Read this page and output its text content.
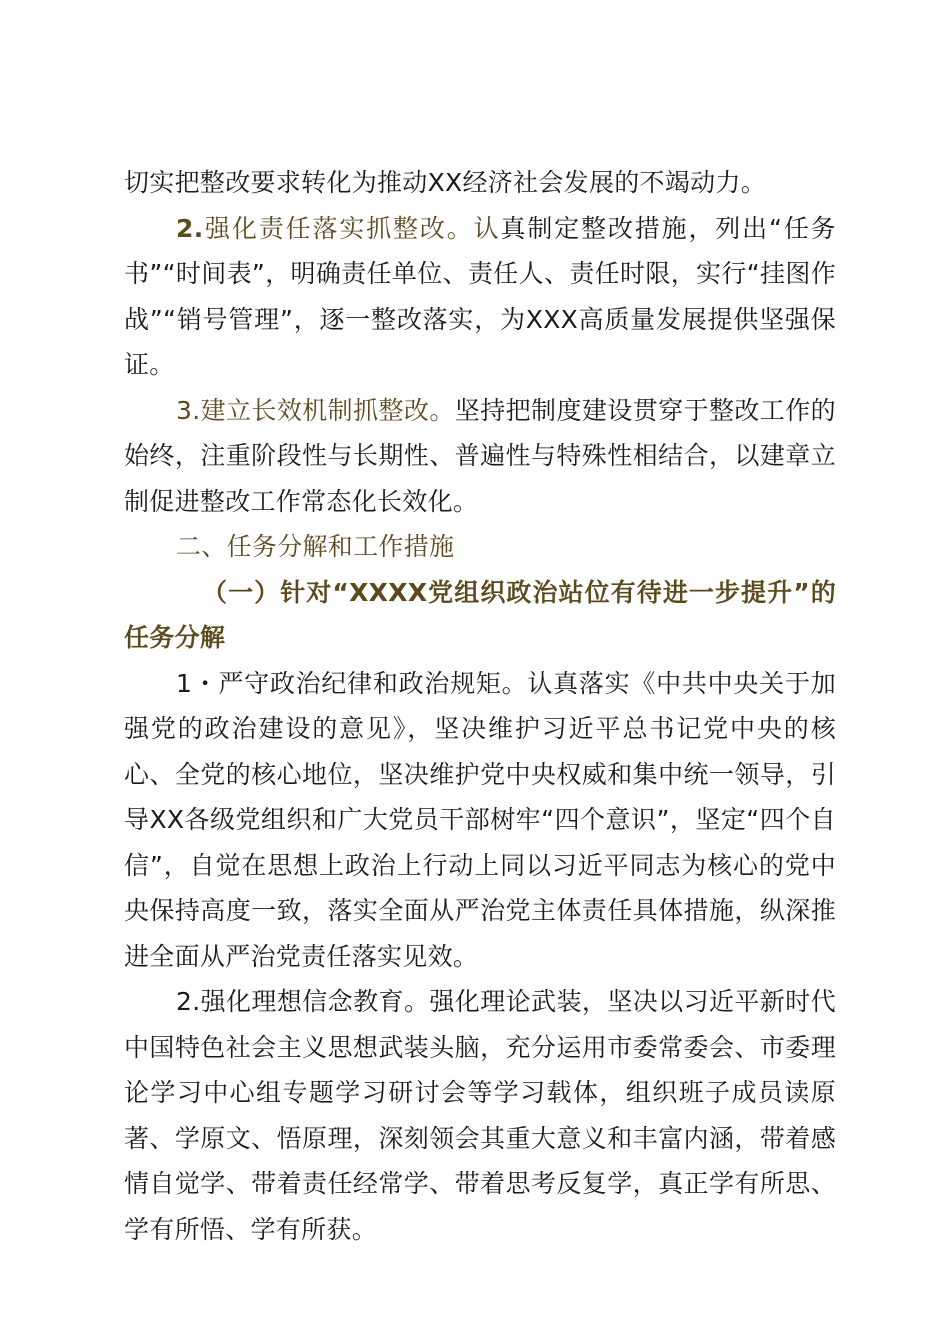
切实把整改要求转化为推动XX经济社会发展的不竭动力。

2.强化责任落实抓整改。认真制定整改措施，列出“任务书”“时间表”，明确责任单位、责任人、责任时限，实行“挂图作战”“销号管理”，逐一整改落实，为XXX高质量发展提供坚强保证。

3.建立长效机制抓整改。坚持把制度建设贯穿于整改工作的始终，注重阶段性与长期性、普遍性与特殊性相结合，以建章立制促进整改工作常态化长效化。

二、任务分解和工作措施

（一）针对“XXXX党组织政治站位有待进一步提升”的任务分解

1・严守政治纪律和政治规矩。认真落实《中共中央关于加强党的政治建设的意见》，坚决维护习近平总书记党中央的核心、全党的核心地位，坚决维护党中央权威和集中统一领导，引导XX各级党组织和广大党员干部树牢“四个意识”，坚定“四个自信”，自觉在思想上政治上行动上同以习近平同志为核心的党中央保持高度一致，落实全面从严治党主体责任具体措施，纵深推进全面从严治党责任落实见效。

2.强化理想信念教育。强化理论武装，坚决以习近平新时代中国特色社会主义思想武装头脑，充分运用市委常委会、市委理论学习中心组专题学习研讨会等学习载体，组织班子成员读原著、学原文、悟原理，深刻领会其重大意义和丰富内涵，带着感情自觉学、带着责任经常学、带着思考反复学，真正学有所思、学有所悟、学有所获。
